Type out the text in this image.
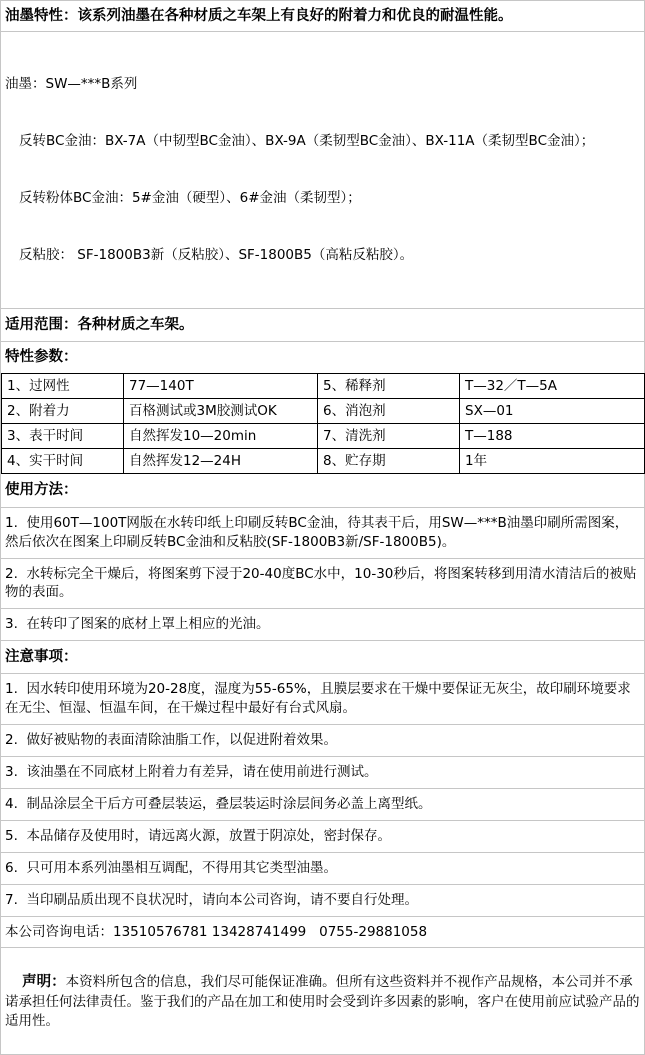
油墨特性：该系列油墨在各种材质之车架上有良好的附着力和优良的耐温性能。

油墨：SW—***B系列

反转BC金油：BX-7A（中韧型BC金油）、BX-9A（柔韧型BC金油）、BX-11A（柔韧型BC金油）；

反转粉体BC金油：5#金油（硬型）、6#金油（柔韧型）；

反粘胶： SF-1800B3新（反粘胶）、SF-1800B5（高粘反粘胶）。

适用范围：各种材质之车架。
特性参数：
1、过网性	77—140T	5、稀释剂	T—32／T—5A
2、附着力	百格测试或3M胶测试OK	6、消泡剂	SX—01
3、表干时间	自然挥发10—20min	7、清洗剂	T—188
4、实干时间	自然挥发12—24H	8、贮存期	1年
使用方法：
1.  使用60T—100T网版在水转印纸上印刷反转BC金油，待其表干后，用SW—***B油墨印刷所需图案，然后依次在图案上印刷反转BC金油和反粘胶(SF-1800B3新/SF-1800B5)。
2.  水转标完全干燥后，将图案剪下浸于20-40度BC水中，10-30秒后，将图案转移到用清水清洁后的被贴物的表面。
3.  在转印了图案的底材上罩上相应的光油。
注意事项：
1.  因水转印使用环境为20-28度，湿度为55-65%，且膜层要求在干燥中要保证无灰尘，故印刷环境要求在无尘、恒湿、恒温车间，在干燥过程中最好有台式风扇。
2.  做好被贴物的表面清除油脂工作，以促进附着效果。
3.  该油墨在不同底材上附着力有差异，请在使用前进行测试。
4.  制品涂层全干后方可叠层装运，叠层装运时涂层间务必盖上离型纸。
5.  本品储存及使用时，请远离火源，放置于阴凉处，密封保存。
6.  只可用本系列油墨相互调配，不得用其它类型油墨。
7.  当印刷品质出现不良状况时，请向本公司咨询，请不要自行处理。
本公司咨询电话：13510576781 13428741499   0755-29881058

声明：本资料所包含的信息，我们尽可能保证准确。但所有这些资料并不视作产品规格，本公司并不承诺承担任何法律责任。鉴于我们的产品在加工和使用时会受到许多因素的影响，客户在使用前应试验产品的适用性。
